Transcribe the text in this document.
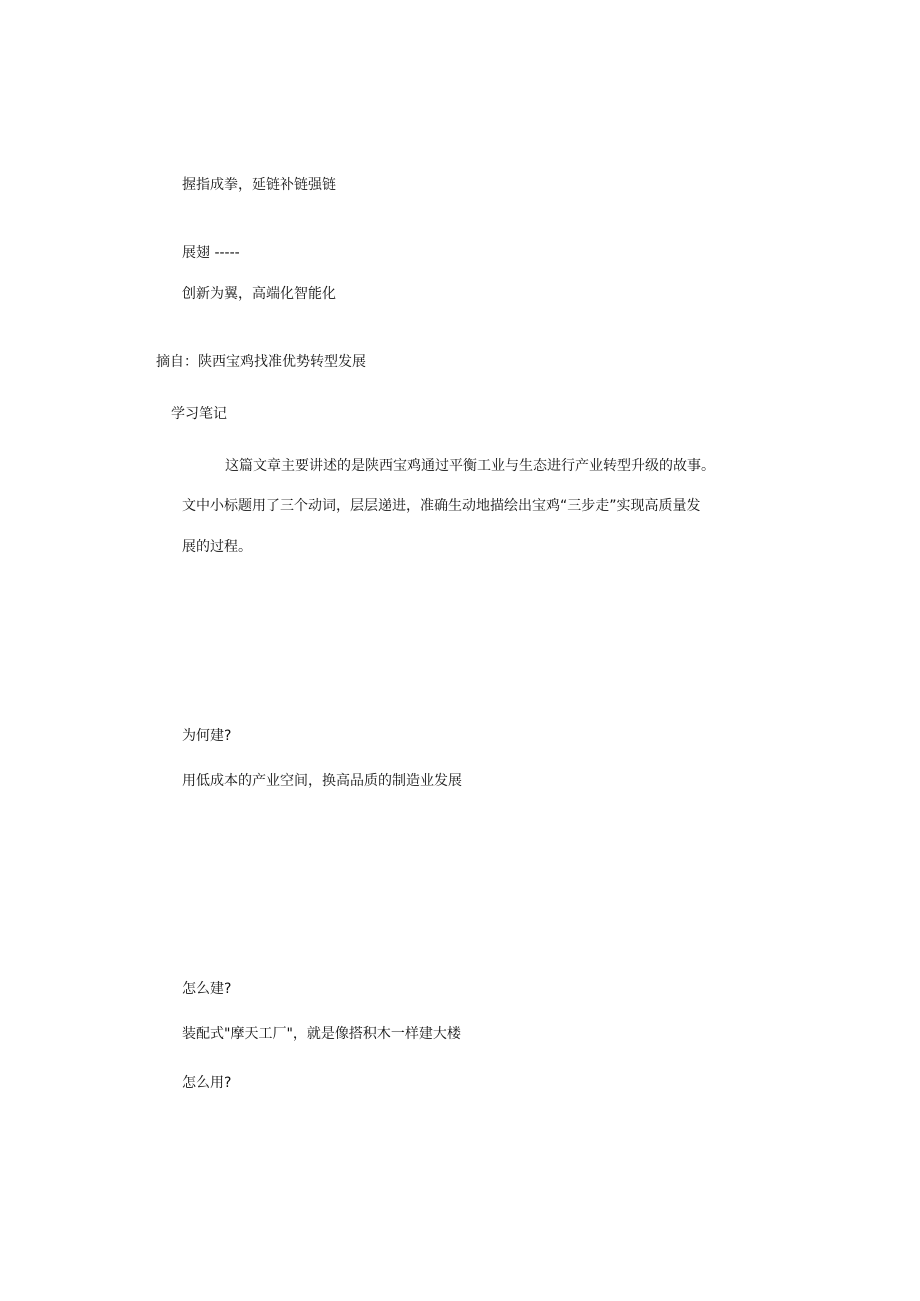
握指成拳，延链补链强链

展翅 -----

创新为翼，高端化智能化

摘自：陕西宝鸡找准优势转型发展

学习笔记

这篇文章主要讲述的是陕西宝鸡通过平衡工业与生态进行产业转型升级的故事。

文中小标题用了三个动词，层层递进，准确生动地描绘出宝鸡“三步走”实现高质量发

展的过程。

为何建?

用低成本的产业空间，换高品质的制造业发展

怎么建?

装配式"摩天工厂"，就是像搭积木一样建大楼

怎么用?
